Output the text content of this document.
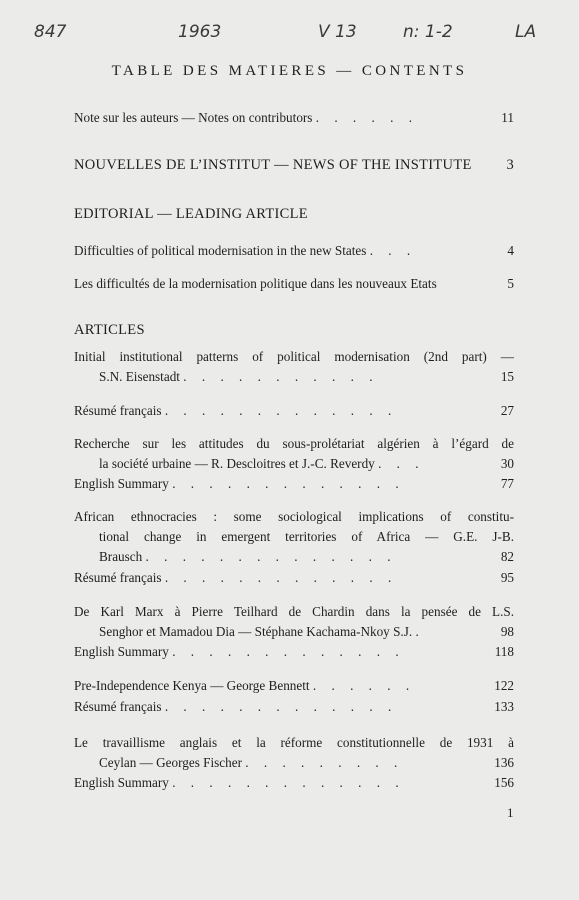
847	1963	V 13	n: 1-2	LA
TABLE DES MATIERES — CONTENTS
Note sur les auteurs — Notes on contributors . . . . . .	11
NOUVELLES DE L’INSTITUT — NEWS OF THE INSTITUTE 3
EDITORIAL — LEADING ARTICLE
Difficulties of political modernisation in the new States . . .	4
Les difficultés de la modernisation politique dans les nouveaux Etats	5
ARTICLES
Initial institutional patterns of political modernisation (2nd part) —
S.N. Eisenstadt . . . . . . . . . . .	15
Résumé français . . . . . . . . . . . . .	27
Recherche sur les attitudes du sous-prolétariat algérien à l’égard de
la société urbaine — R. Descloitres et J.-C. Reverdy . . .	30
English Summary . . . . . . . . . . . . .	77
African ethnocracies : some sociological implications of constitu-
tional change in emergent territories of Africa — G.E. J-B.
Brausch . . . . . . . . . . . . . .	82
Résumé français . . . . . . . . . . . . .	95
De Karl Marx à Pierre Teilhard de Chardin dans la pensée de L.S.
Senghor et Mamadou Dia — Stéphane Kachama-Nkoy S.J. .	98
English Summary . . . . . . . . . . . . .	118
Pre-Independence Kenya — George Bennett . . . . . .	122
Résumé français . . . . . . . . . . . . .	133
Le travaillisme anglais et la réforme constitutionnelle de 1931 à
Ceylan — Georges Fischer . . . . . . . . .	136
English Summary . . . . . . . . . . . . .	156
1
